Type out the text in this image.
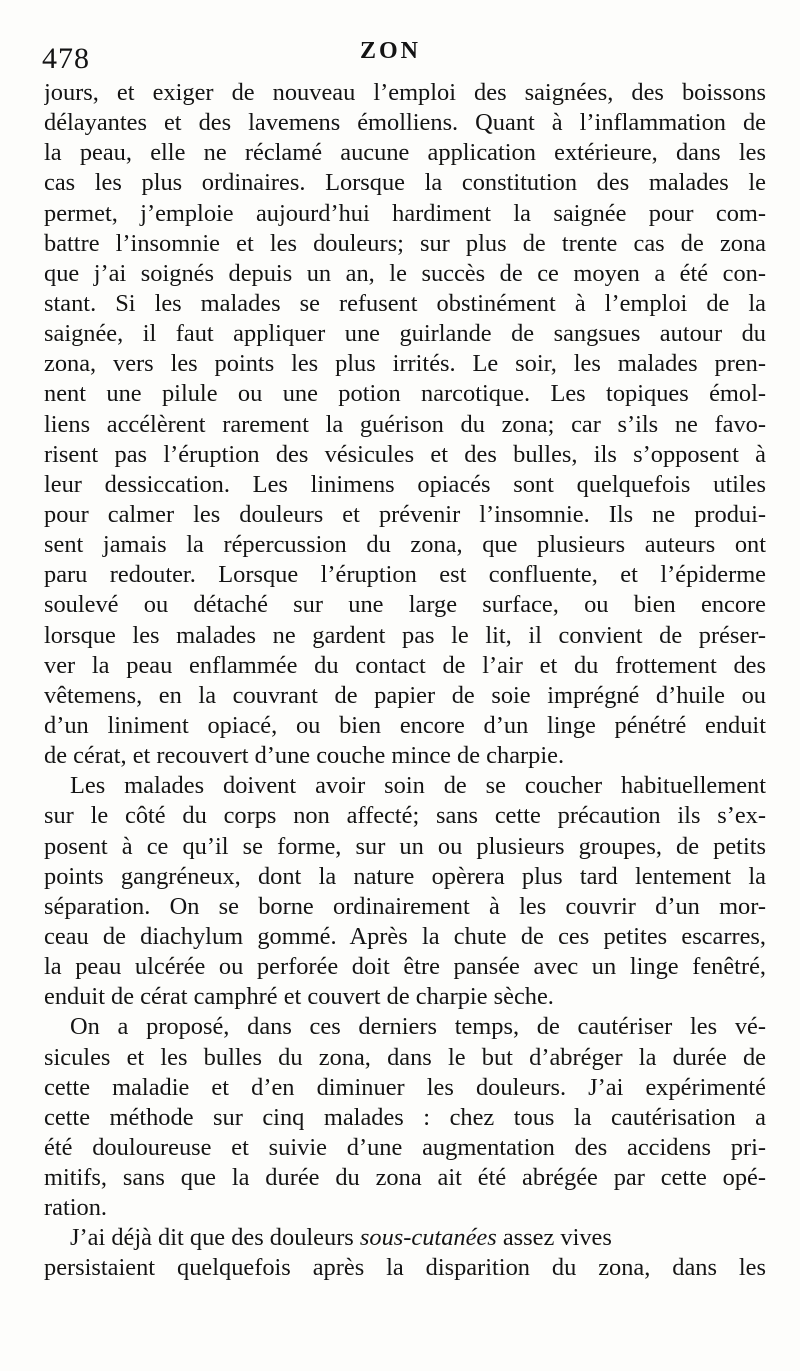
478	ZON
jours, et exiger de nouveau l’emploi des saignées, des boissons
délayantes et des lavemens émolliens. Quant à l’inflammation de
la peau, elle ne réclamé aucune application extérieure, dans les
cas les plus ordinaires. Lorsque la constitution des malades le
permet, j’emploie aujourd’hui hardiment la saignée pour com-
battre l’insomnie et les douleurs; sur plus de trente cas de zona
que j’ai soignés depuis un an, le succès de ce moyen a été con-
stant. Si les malades se refusent obstinément à l’emploi de la
saignée, il faut appliquer une guirlande de sangsues autour du
zona, vers les points les plus irrités. Le soir, les malades pren-
nent une pilule ou une potion narcotique. Les topiques émol-
liens accélèrent rarement la guérison du zona; car s’ils ne favo-
risent pas l’éruption des vésicules et des bulles, ils s’opposent à
leur dessiccation. Les linimens opiacés sont quelquefois utiles
pour calmer les douleurs et prévenir l’insomnie. Ils ne produi-
sent jamais la répercussion du zona, que plusieurs auteurs ont
paru redouter. Lorsque l’éruption est confluente, et l’épiderme
soulevé ou détaché sur une large surface, ou bien encore
lorsque les malades ne gardent pas le lit, il convient de préser-
ver la peau enflammée du contact de l’air et du frottement des
vêtemens, en la couvrant de papier de soie imprégné d’huile ou
d’un liniment opiacé, ou bien encore d’un linge pénétré enduit
de cérat, et recouvert d’une couche mince de charpie.
Les malades doivent avoir soin de se coucher habituellement
sur le côté du corps non affecté; sans cette précaution ils s’ex-
posent à ce qu’il se forme, sur un ou plusieurs groupes, de petits
points gangréneux, dont la nature opèrera plus tard lentement la
séparation. On se borne ordinairement à les couvrir d’un mor-
ceau de diachylum gommé. Après la chute de ces petites escarres,
la peau ulcérée ou perforée doit être pansée avec un linge fenêtré,
enduit de cérat camphré et couvert de charpie sèche.
On a proposé, dans ces derniers temps, de cautériser les vé-
sicules et les bulles du zona, dans le but d’abréger la durée de
cette maladie et d’en diminuer les douleurs. J’ai expérimenté
cette méthode sur cinq malades : chez tous la cautérisation a
été douloureuse et suivie d’une augmentation des accidens pri-
mitifs, sans que la durée du zona ait été abrégée par cette opé-
ration.
J’ai déjà dit que des douleurs sous-cutanées assez vives
persistaient quelquefois après la disparition du zona, dans les
